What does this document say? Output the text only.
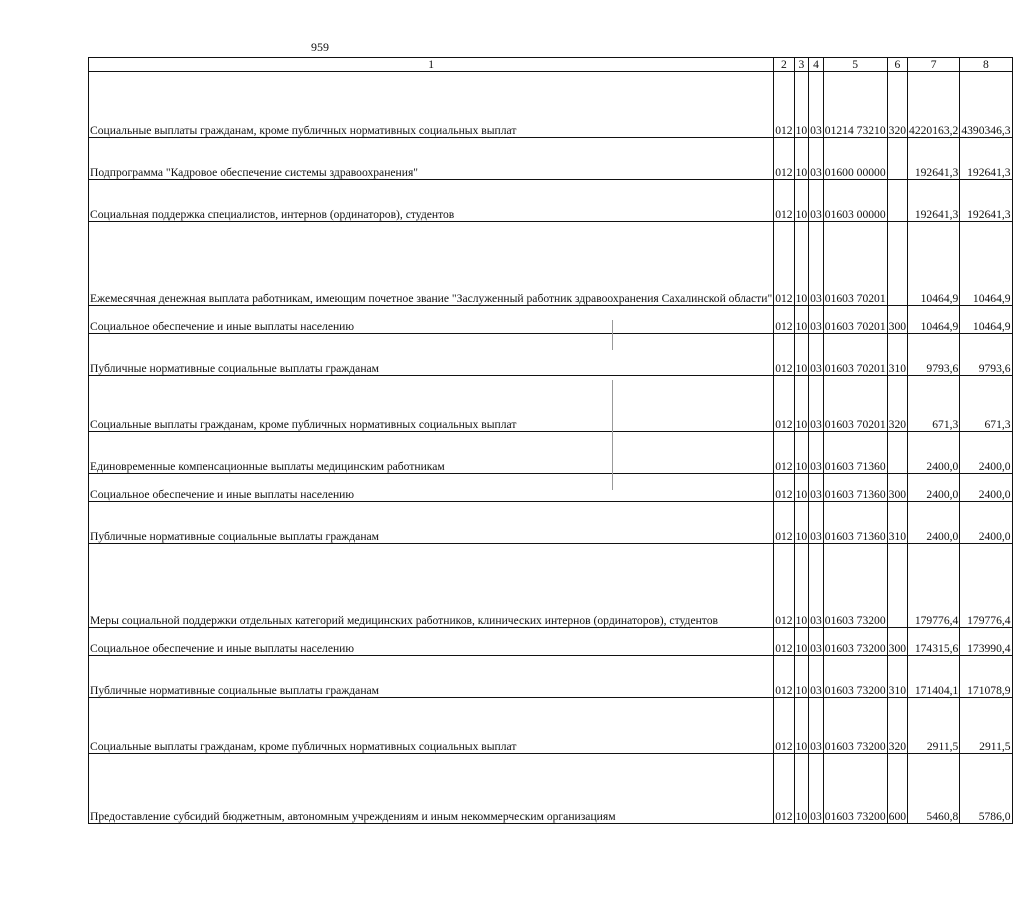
959
1	2	3	4	5	6	7	8
Социальные выплаты гражданам, кроме публичных нормативных социальных выплат	012	10	03	01214 73210	320	4220163,2	4390346,3
Подпрограмма "Кадровое обеспечение системы здравоохранения"	012	10	03	01600 00000		192641,3	192641,3
Социальная поддержка специалистов, интернов (ординаторов), студентов	012	10	03	01603 00000		192641,3	192641,3
Ежемесячная денежная выплата работникам, имеющим почетное звание "Заслуженный работник здравоохранения Сахалинской области"	012	10	03	01603 70201		10464,9	10464,9
Социальное обеспечение и иные выплаты населению	012	10	03	01603 70201	300	10464,9	10464,9
Публичные нормативные социальные выплаты гражданам	012	10	03	01603 70201	310	9793,6	9793,6
Социальные выплаты гражданам, кроме публичных нормативных социальных выплат	012	10	03	01603 70201	320	671,3	671,3
Единовременные компенсационные выплаты медицинским работникам	012	10	03	01603 71360		2400,0	2400,0
Социальное обеспечение и иные выплаты населению	012	10	03	01603 71360	300	2400,0	2400,0
Публичные нормативные социальные выплаты гражданам	012	10	03	01603 71360	310	2400,0	2400,0
Меры социальной поддержки отдельных категорий медицинских работников, клинических интернов (ординаторов), студентов	012	10	03	01603 73200		179776,4	179776,4
Социальное обеспечение и иные выплаты населению	012	10	03	01603 73200	300	174315,6	173990,4
Публичные нормативные социальные выплаты гражданам	012	10	03	01603 73200	310	171404,1	171078,9
Социальные выплаты гражданам, кроме публичных нормативных социальных выплат	012	10	03	01603 73200	320	2911,5	2911,5
Предоставление субсидий бюджетным, автономным учреждениям и иным некоммерческим организациям	012	10	03	01603 73200	600	5460,8	5786,0
